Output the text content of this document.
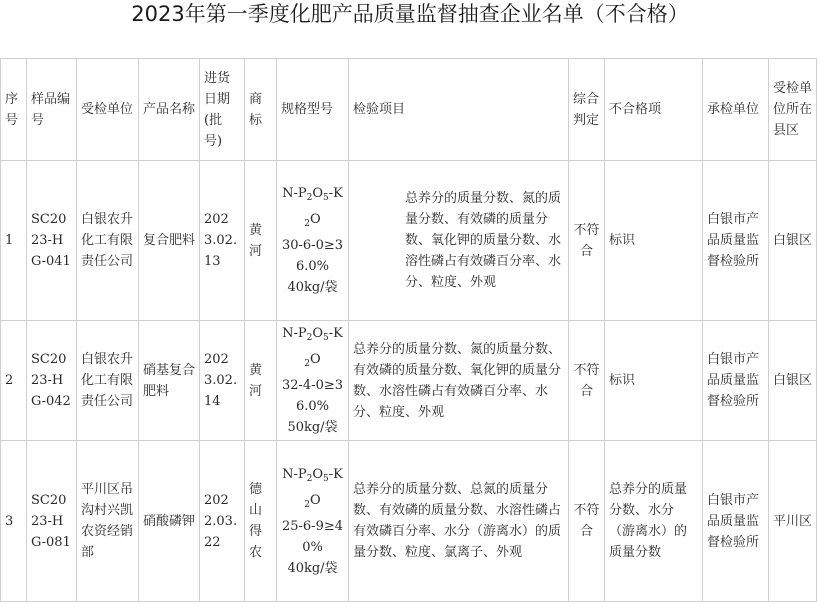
2023年第一季度化肥产品质量监督抽查企业名单（不合格）
序号	样品编号	受检单位	产品名称	进货日期(批号)	商标	规格型号	检验项目	综合判定	不合格项	承检单位	受检单位所在县区
1	SC2023-HG-041	白银农升化工有限责任公司	复合肥料	2023.02.13	黄河	$N-P_2O_5-K_2O$
30-6-0≥36.0%
40kg/袋	总养分的质量分数、氮的质量分数、有效磷的质量分数、氧化钾的质量分数、水溶性磷占有效磷百分率、水分、粒度、外观	不符合	标识	白银市产品质量监督检验所	白银区
2	SC2023-HG-042	白银农升化工有限责任公司	硝基复合肥料	2023.02.14	黄河	$N-P_2O_5-K_2O$
32-4-0≥36.0%
50kg/袋	总养分的质量分数、氮的质量分数、有效磷的质量分数、氧化钾的质量分数、水溶性磷占有效磷百分率、水分、粒度、外观	不符合	标识	白银市产品质量监督检验所	白银区
3	SC2023-HG-081	平川区吊沟村兴凯农资经销部	硝酸磷钾	2022.03.22	德山得农	$N-P_2O_5-K_2O$
25-6-9≥40%
40kg/袋	总养分的质量分数、总氮的质量分数、有效磷的质量分数、水溶性磷占有效磷百分率、水分（游离水）的质量分数、粒度、氯离子、外观	不符合	总养分的质量分数、水分（游离水）的质量分数	白银市产品质量监督检验所	平川区
